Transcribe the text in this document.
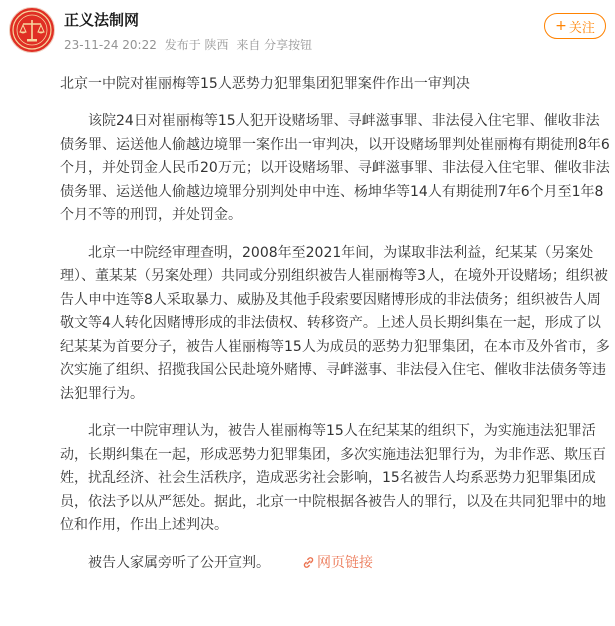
正义法制网
23-11-24 20:22 发布于 陕西 来自 分享按钮
+ 关注
北京一中院对崔丽梅等15人恶势力犯罪集团犯罪案件作出一审判决

该院24日对崔丽梅等15人犯开设赌场罪、寻衅滋事罪、非法侵入住宅罪、催收非法债务罪、运送他人偷越边境罪一案作出一审判决，以开设赌场罪判处崔丽梅有期徒刑8年6个月，并处罚金人民币20万元；以开设赌场罪、寻衅滋事罪、非法侵入住宅罪、催收非法债务罪、运送他人偷越边境罪分别判处申中连、杨坤华等14人有期徒刑7年6个月至1年8个月不等的刑罚，并处罚金。

北京一中院经审理查明，2008年至2021年间，为谋取非法利益，纪某某（另案处理）、董某某（另案处理）共同或分别组织被告人崔丽梅等3人，在境外开设赌场；组织被告人申中连等8人采取暴力、威胁及其他手段索要因赌博形成的非法债务；组织被告人周敬文等4人转化因赌博形成的非法债权、转移资产。上述人员长期纠集在一起，形成了以纪某某为首要分子，被告人崔丽梅等15人为成员的恶势力犯罪集团，在本市及外省市，多次实施了组织、招揽我国公民赴境外赌博、寻衅滋事、非法侵入住宅、催收非法债务等违法犯罪行为。

北京一中院审理认为，被告人崔丽梅等15人在纪某某的组织下，为实施违法犯罪活动，长期纠集在一起，形成恶势力犯罪集团，多次实施违法犯罪行为，为非作恶、欺压百姓，扰乱经济、社会生活秩序，造成恶劣社会影响，15名被告人均系恶势力犯罪集团成员，依法予以从严惩处。据此，北京一中院根据各被告人的罪行，以及在共同犯罪中的地位和作用，作出上述判决。

被告人家属旁听了公开宣判。	网页链接
